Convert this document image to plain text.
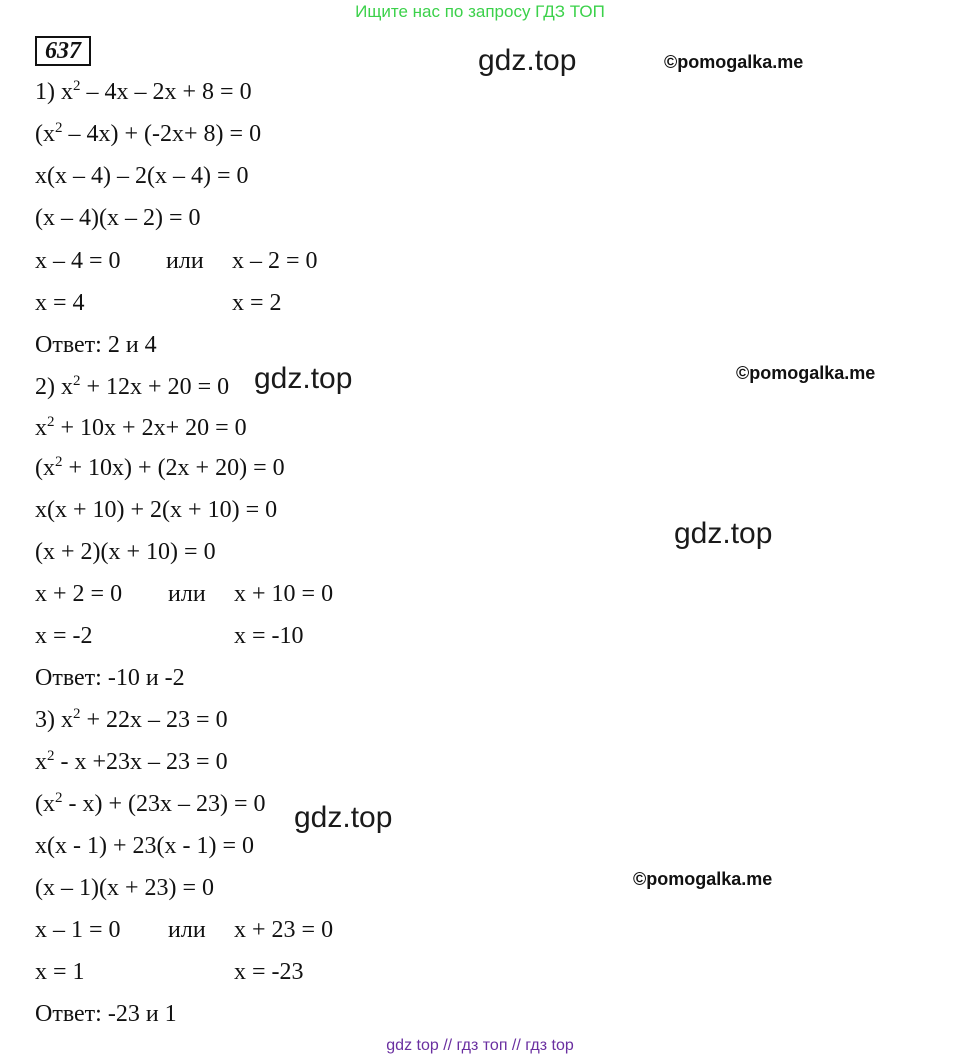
Ищите нас по запросу ГДЗ ТОП
637	gdz.top	©pomogalka.me
gdz.top	©pomogalka.me
gdz.top
gdz.top
©pomogalka.me
1) $x^2 - 4x - 2x + 8 = 0$
$(x^2 - 4x) + (-2x+ 8) = 0$
x(x – 4) – 2(x – 4) = 0
(x – 4)(x – 2) = 0
x – 4 = 0 или x – 2 = 0
x = 4	x = 2
Ответ: 2 и 4
2) $x^2 + 12x + 20 = 0$
$x^2 + 10x + 2x+ 20 = 0$
$(x^2 + 10x) + (2x + 20) = 0$
x(x + 10) + 2(x + 10) = 0
(x + 2)(x + 10) = 0
x + 2 = 0 или x + 10 = 0
x = -2	x = -10
Ответ: -10 и -2
3) $x^2 + 22x - 23 = 0$
$x^2 - x +23x - 23 = 0$
$(x^2 - x) + (23x - 23) = 0$
x(x - 1) + 23(x - 1) = 0
(x – 1)(x + 23) = 0
x – 1 = 0 или x + 23 = 0
x = 1	x = -23
Ответ: -23 и 1
gdz top // гдз топ // гдз top
